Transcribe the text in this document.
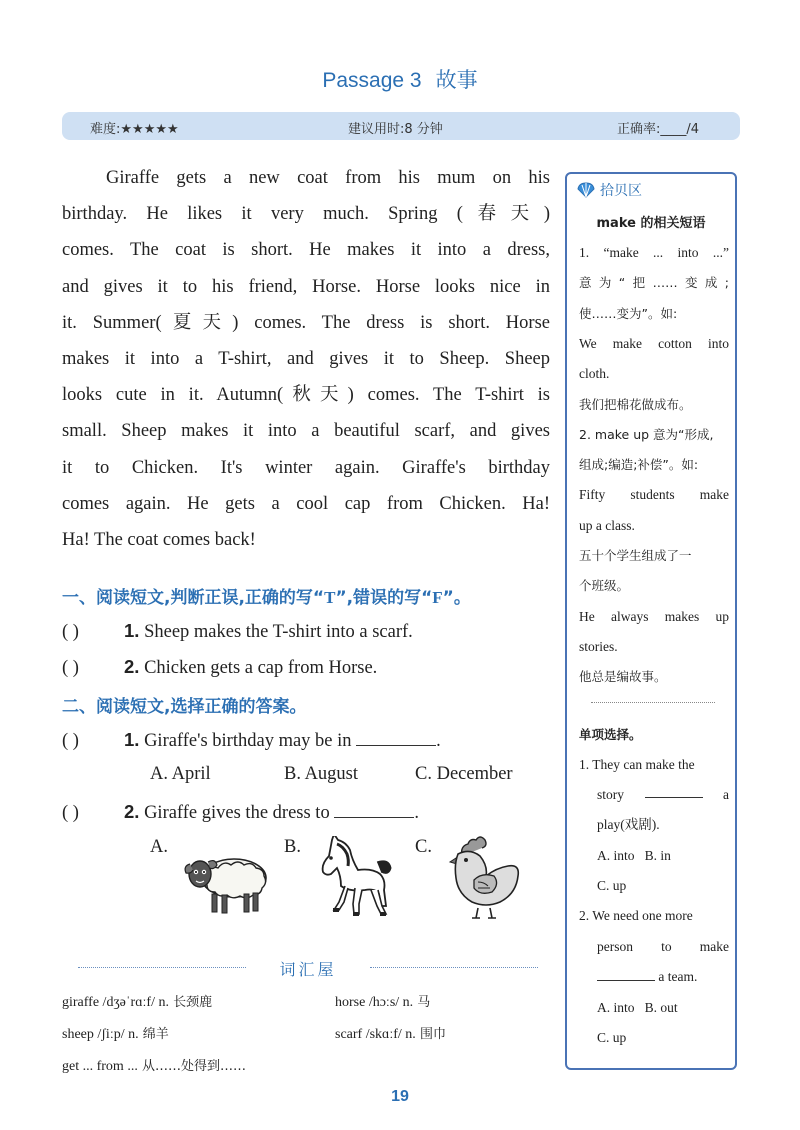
Passage 3 故事
难度:★★★★★	建议用时:8 分钟	正确率:____/4
Giraffe gets a new coat from his mum on his
birthday. He likes it very much. Spring (春天)
comes. The coat is short. He makes it into a dress,
and gives it to his friend, Horse. Horse looks nice in
it. Summer(夏天) comes. The dress is short. Horse
makes it into a T-shirt, and gives it to Sheep. Sheep
looks cute in it. Autumn(秋天) comes. The T-shirt is
small. Sheep makes it into a beautiful scarf, and gives
it to Chicken. It's winter again. Giraffe's birthday
comes again. He gets a cool cap from Chicken. Ha!
Ha! The coat comes back!
一、阅读短文,判断正误,正确的写“T”,错误的写“F”。
( ) 1. Sheep makes the T-shirt into a scarf.
( ) 2. Chicken gets a cap from Horse.
二、阅读短文,选择正确的答案。
( ) 1. Giraffe's birthday may be in	.
A. April	B. August	C. December
( ) 2. Giraffe gives the dress to	.
A.	B.	C.
词汇屋
giraffe /dʒəˈrɑːf/ n. 长颈鹿	horse /hɔːs/ n. 马
sheep /ʃiːp/ n. 绵羊	scarf /skɑːf/ n. 围巾
get ... from ... 从……处得到……
19
拾贝区
make 的相关短语
1. “make ... into ...”
意为“把……变成;
使……变为”。如:
We make cotton into
cloth.
我们把棉花做成布。
2. make up 意为“形成,
组成;编造;补偿”。如:
Fifty students make
up a class.
五十个学生组成了一
个班级。
He always makes up
stories.
他总是编故事。
单项选择。
1. They can make the
story	a
play(戏剧).
A. into   B. in
C. up
2. We need one more
person to make
a team.
A. into   B. out
C. up
